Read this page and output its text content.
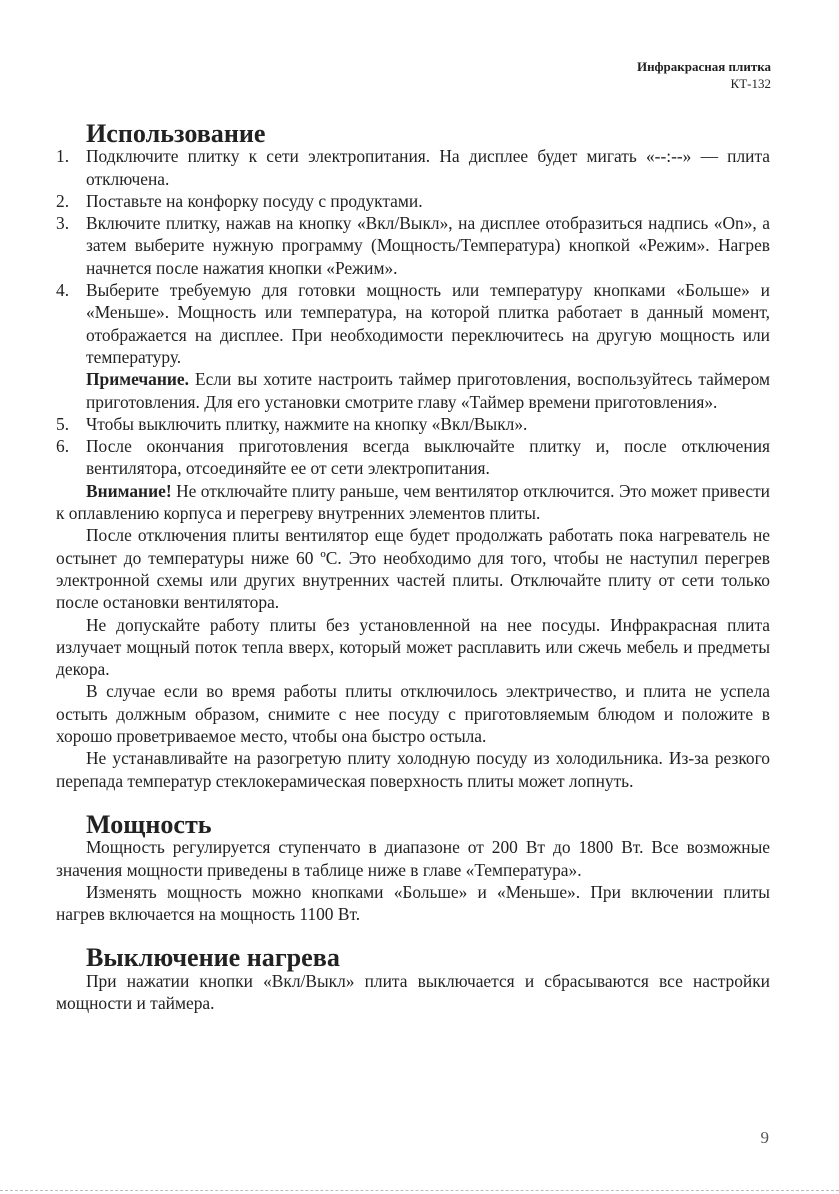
Инфракрасная плитка
КТ-132
Использование
1. Подключите плитку к сети электропитания. На дисплее будет мигать «--:--» — плита отключена.
2. Поставьте на конфорку посуду с продуктами.
3. Включите плитку, нажав на кнопку «Вкл/Выкл», на дисплее отобразиться надпись «On», а затем выберите нужную программу (Мощность/Температура) кнопкой «Режим». Нагрев начнется после нажатия кнопки «Режим».
4. Выберите требуемую для готовки мощность или температуру кнопками «Больше» и «Меньше». Мощность или температура, на которой плитка работает в данный момент, отображается на дисплее. При необходимости переключитесь на другую мощность или температуру.

Примечание. Если вы хотите настроить таймер приготовления, воспользуйтесь таймером приготовления. Для его установки смотрите главу «Таймер времени приготовления».

5. Чтобы выключить плитку, нажмите на кнопку «Вкл/Выкл».
6. После окончания приготовления всегда выключайте плитку и, после отключения вентилятора, отсоединяйте ее от сети электропитания.

Внимание! Не отключайте плиту раньше, чем вентилятор отключится. Это может привести к оплавлению корпуса и перегреву внутренних элементов плиты.

После отключения плиты вентилятор еще будет продолжать работать пока нагреватель не остынет до температуры ниже 60 ºС. Это необходимо для того, чтобы не наступил перегрев электронной схемы или других внутренних частей плиты. Отключайте плиту от сети только после остановки вентилятора.

Не допускайте работу плиты без установленной на нее посуды. Инфракрасная плита излучает мощный поток тепла вверх, который может расплавить или сжечь мебель и предметы декора.

В случае если во время работы плиты отключилось электричество, и плита не успела остыть должным образом, снимите с нее посуду с приготовляемым блюдом и положите в хорошо проветриваемое место, чтобы она быстро остыла.

Не устанавливайте на разогретую плиту холодную посуду из холодильника. Из-за резкого перепада температур стеклокерамическая поверхность плиты может лопнуть.

Мощность

Мощность регулируется ступенчато в диапазоне от 200 Вт до 1800 Вт. Все возможные значения мощности приведены в таблице ниже в главе «Температура».

Изменять мощность можно кнопками «Больше» и «Меньше». При включении плиты нагрев включается на мощность 1100 Вт.

Выключение нагрева

При нажатии кнопки «Вкл/Выкл» плита выключается и сбрасываются все настройки мощности и таймера.

9
